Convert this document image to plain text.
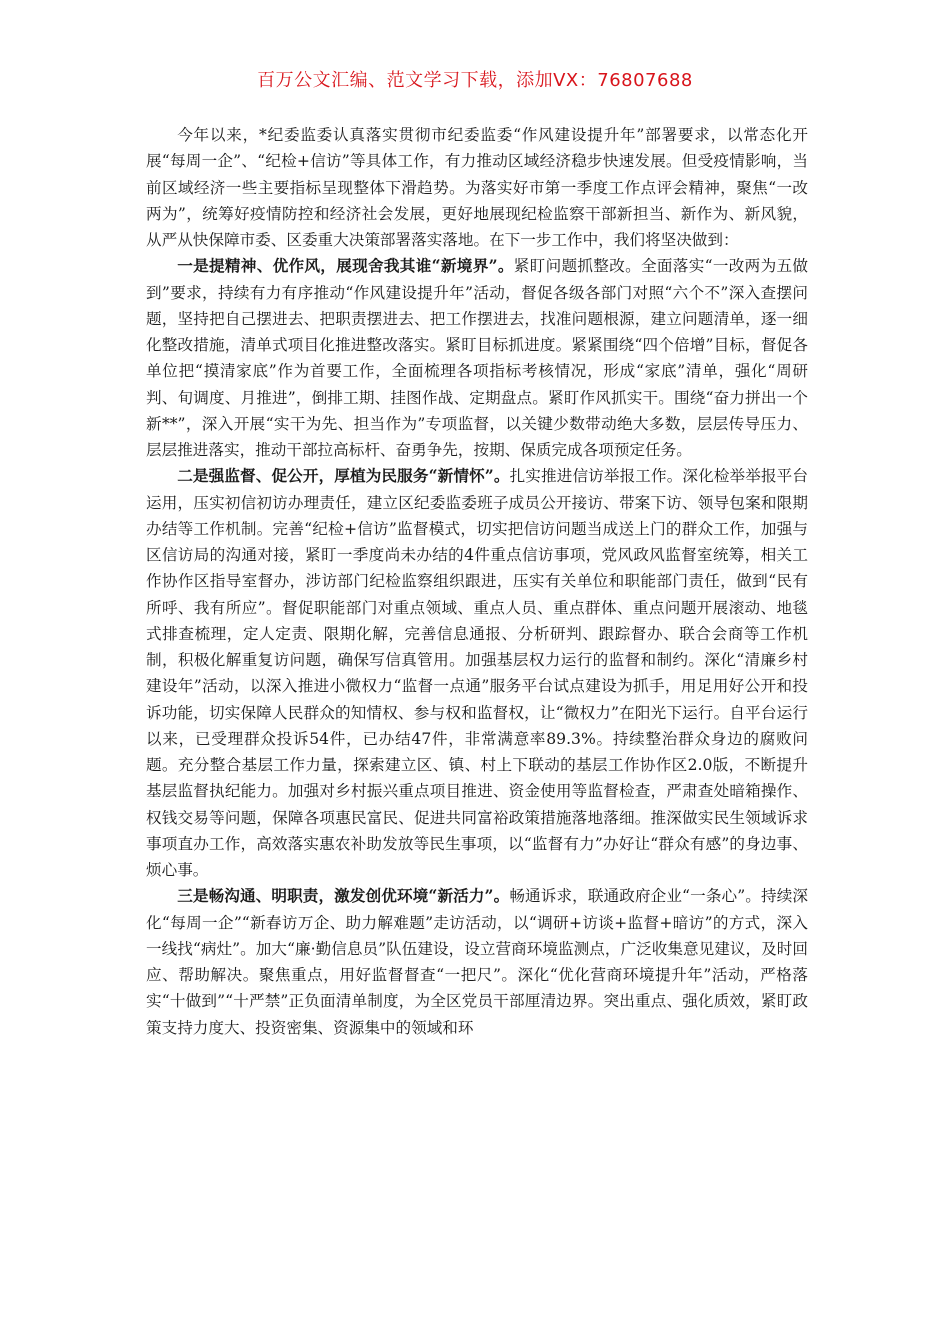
百万公文汇编、范文学习下载，添加VX：76807688

今年以来，*纪委监委认真落实贯彻市纪委监委“作风建设提升年”部署要求，以常态化开展“每周一企”、“纪检+信访”等具体工作，有力推动区域经济稳步快速发展。但受疫情影响，当前区域经济一些主要指标呈现整体下滑趋势。为落实好市第一季度工作点评会精神，聚焦“一改两为”，统筹好疫情防控和经济社会发展，更好地展现纪检监察干部新担当、新作为、新风貌，从严从快保障市委、区委重大决策部署落实落地。在下一步工作中，我们将坚决做到：

一是提精神、优作风，展现舍我其谁“新境界”。紧盯问题抓整改。全面落实“一改两为五做到”要求，持续有力有序推动“作风建设提升年”活动，督促各级各部门对照“六个不”深入查摆问题，坚持把自己摆进去、把职责摆进去、把工作摆进去，找准问题根源，建立问题清单，逐一细化整改措施，清单式项目化推进整改落实。紧盯目标抓进度。紧紧围绕“四个倍增”目标，督促各单位把“摸清家底”作为首要工作，全面梳理各项指标考核情况，形成“家底”清单，强化“周研判、旬调度、月推进”，倒排工期、挂图作战、定期盘点。紧盯作风抓实干。围绕“奋力拼出一个新**”，深入开展“实干为先、担当作为”专项监督，以关键少数带动绝大多数，层层传导压力、层层推进落实，推动干部拉高标杆、奋勇争先，按期、保质完成各项预定任务。

二是强监督、促公开，厚植为民服务“新情怀”。扎实推进信访举报工作。深化检举举报平台运用，压实初信初访办理责任，建立区纪委监委班子成员公开接访、带案下访、领导包案和限期办结等工作机制。完善“纪检+信访”监督模式，切实把信访问题当成送上门的群众工作，加强与区信访局的沟通对接，紧盯一季度尚未办结的4件重点信访事项，党风政风监督室统筹，相关工作协作区指导室督办，涉访部门纪检监察组织跟进，压实有关单位和职能部门责任，做到“民有所呼、我有所应”。督促职能部门对重点领域、重点人员、重点群体、重点问题开展滚动、地毯式排查梳理，定人定责、限期化解，完善信息通报、分析研判、跟踪督办、联合会商等工作机制，积极化解重复访问题，确保写信真管用。加强基层权力运行的监督和制约。深化“清廉乡村建设年”活动，以深入推进小微权力“监督一点通”服务平台试点建设为抓手，用足用好公开和投诉功能，切实保障人民群众的知情权、参与权和监督权，让“微权力”在阳光下运行。自平台运行以来，已受理群众投诉54件，已办结47件，非常满意率89.3%。持续整治群众身边的腐败问题。充分整合基层工作力量，探索建立区、镇、村上下联动的基层工作协作区2.0版，不断提升基层监督执纪能力。加强对乡村振兴重点项目推进、资金使用等监督检查，严肃查处暗箱操作、权钱交易等问题，保障各项惠民富民、促进共同富裕政策措施落地落细。推深做实民生领域诉求事项直办工作，高效落实惠农补助发放等民生事项，以“监督有力”办好让“群众有感”的身边事、烦心事。

三是畅沟通、明职责，激发创优环境“新活力”。畅通诉求，联通政府企业“一条心”。持续深化“每周一企”“新春访万企、助力解难题”走访活动，以“调研+访谈+监督+暗访”的方式，深入一线找“病灶”。加大“廉·勤信息员”队伍建设，设立营商环境监测点，广泛收集意见建议，及时回应、帮助解决。聚焦重点，用好监督督查“一把尺”。深化“优化营商环境提升年”活动，严格落实“十做到”“十严禁”正负面清单制度，为全区党员干部厘清边界。突出重点、强化质效，紧盯政策支持力度大、投资密集、资源集中的领域和环
